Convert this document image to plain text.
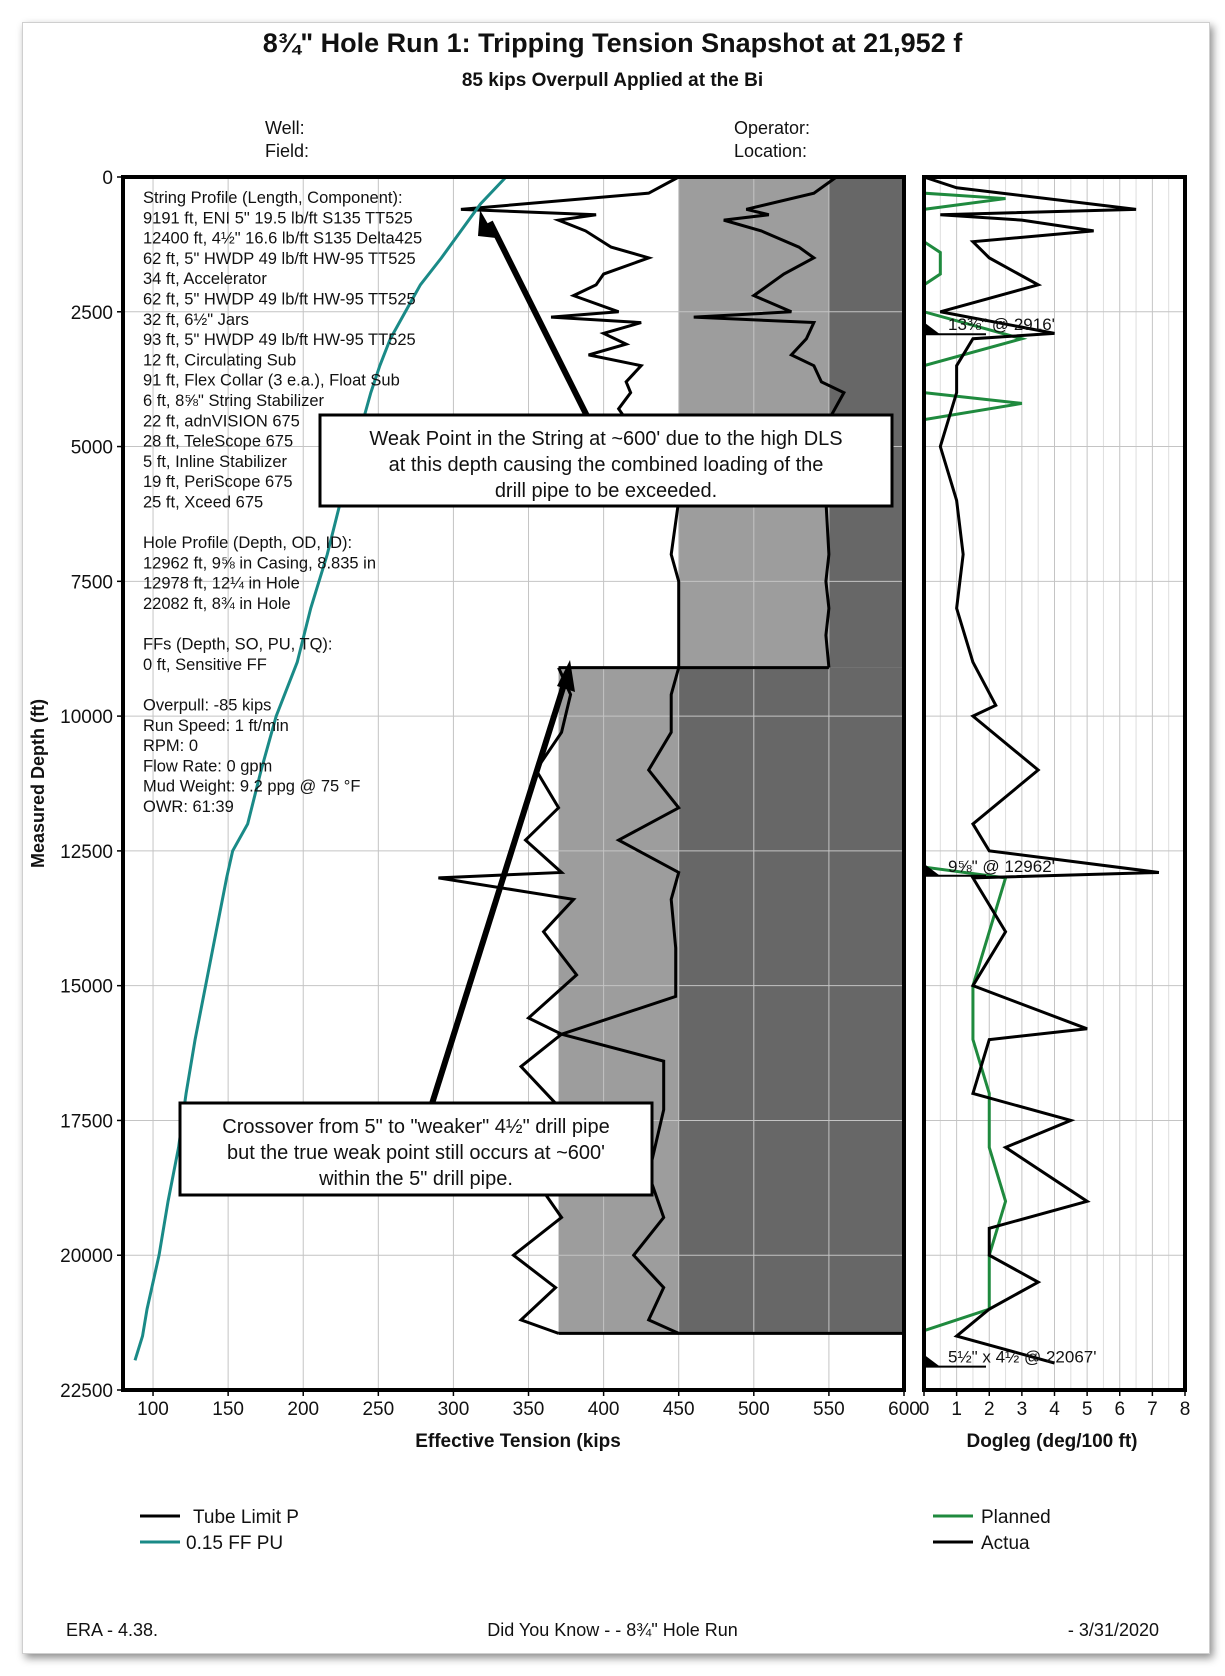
8¾" Hole Run 1: Tripping Tension Snapshot at 21,952 f
85 kips Overpull Applied at the Bi
Well:
Field:
Operator:
Location:
100 150 200 250 300 350 400 450 500 550 600
0
2500
5000
7500
10000
12500
15000
17500
20000
22500
String Profile (Length, Component):
9191 ft, ENI 5" 19.5 lb/ft S135 TT525
12400 ft, 4½" 16.6 lb/ft S135 Delta425
62 ft, 5" HWDP 49 lb/ft HW-95 TT525
34 ft, Accelerator
62 ft, 5" HWDP 49 lb/ft HW-95 TT525
32 ft, 6½" Jars
93 ft, 5" HWDP 49 lb/ft HW-95 TT525
12 ft, Circulating Sub
91 ft, Flex Collar (3 e.a.), Float Sub
6 ft, 8⅝" String Stabilizer
22 ft, adnVISION 675
28 ft, TeleScope 675
5 ft, Inline Stabilizer
19 ft, PeriScope 675
25 ft, Xceed 675
Hole Profile (Depth, OD, ID):
12962 ft, 9⅝ in Casing, 8.835 in
12978 ft, 12¼ in Hole
22082 ft, 8¾ in Hole
FFs (Depth, SO, PU, TQ):
0 ft, Sensitive FF
Overpull: -85 kips
Run Speed: 1 ft/min
RPM: 0
Flow Rate: 0 gpm
Mud Weight: 9.2 ppg @ 75 °F
OWR: 61:39
Weak Point in the String at ~600' due to the high DLS
at this depth causing the combined loading of the
drill pipe to be exceeded.
Crossover from 5" to "weaker" 4½" drill pipe
but the true weak point still occurs at ~600'
within the 5" drill pipe.
Effective Tension (kips
Measured Depth (ft)
0 1 2 3 4 5 6 7 8
13⅜" @ 2916'
9⅝" @ 12962'
5½" x 4½ @ 22067'
Dogleg (deg/100 ft)
Tube Limit P
0.15 FF PU
Planned
Actua
ERA - 4.38.	Did You Know - - 8¾" Hole Run	- 3/31/2020
